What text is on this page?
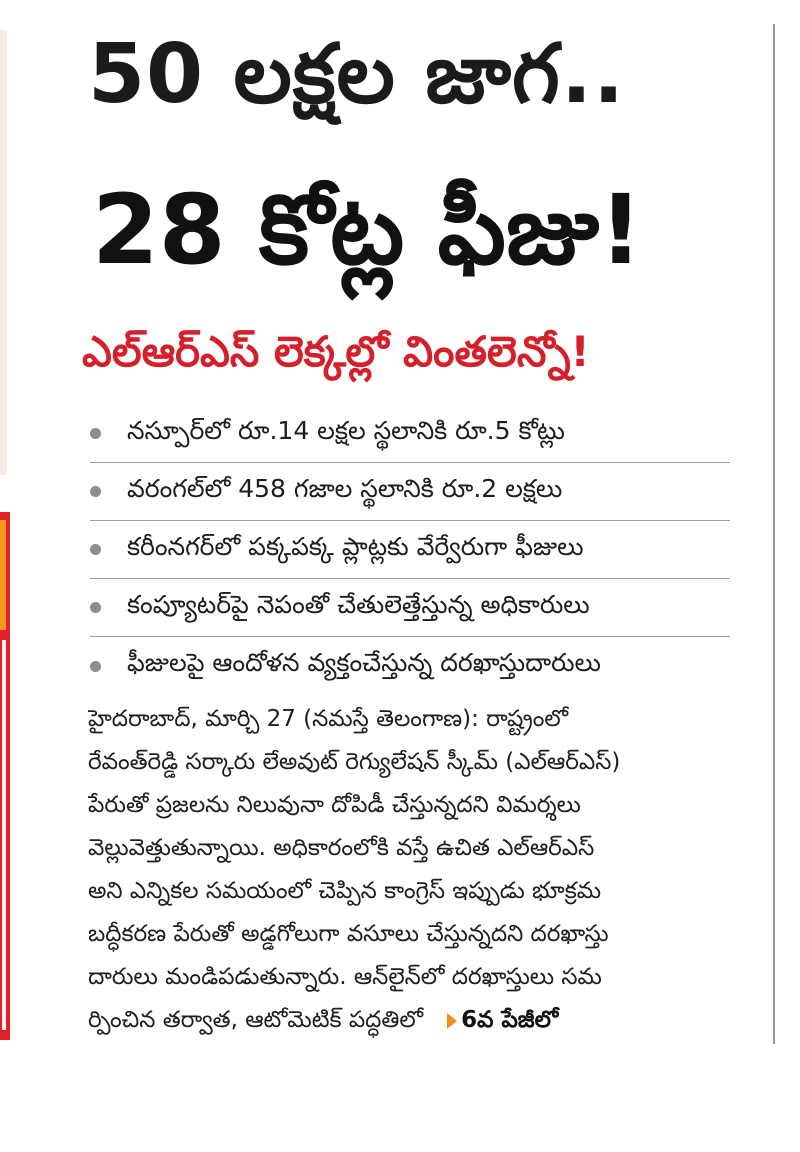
50 లక్షల జాగ..
28 కోట్ల ఫీజు!
ఎల్‌ఆర్‌ఎస్ లెక్కల్లో వింతలెన్నో!
నస్పూర్‌లో రూ.14 లక్షల స్థలానికి రూ.5 కోట్లు
వరంగల్‌లో 458 గజాల స్థలానికి రూ.2 లక్షలు
కరీంనగర్‌లో పక్కపక్క ప్లాట్లకు వేర్వేరుగా ఫీజులు
కంప్యూటర్‌పై నెపంతో చేతులెత్తేస్తున్న అధికారులు
ఫీజులపై ఆందోళన వ్యక్తంచేస్తున్న దరఖాస్తుదారులు

హైదరాబాద్, మార్చి 27 (నమస్తే తెలంగాణ): రాష్ట్రంలో

రేవంత్‌రెడ్డి సర్కారు లేఅవుట్ రెగ్యులేషన్ స్కీమ్ (ఎల్‌ఆర్‌ఎస్)

పేరుతో ప్రజలను నిలువునా దోపిడీ చేస్తున్నదని విమర్శలు

వెల్లువెత్తుతున్నాయి. అధికారంలోకి వస్తే ఉచిత ఎల్‌ఆర్‌ఎస్

అని ఎన్నికల సమయంలో చెప్పిన కాంగ్రెస్ ఇప్పుడు భూక్రమ

బద్ధీకరణ పేరుతో అడ్డగోలుగా వసూలు చేస్తున్నదని దరఖాస్తు

దారులు మండిపడుతున్నారు. ఆన్‌లైన్‌లో దరఖాస్తులు సమ

ర్పించిన తర్వాత, ఆటోమెటిక్ పద్ధతిలో 6వ పేజీలో
